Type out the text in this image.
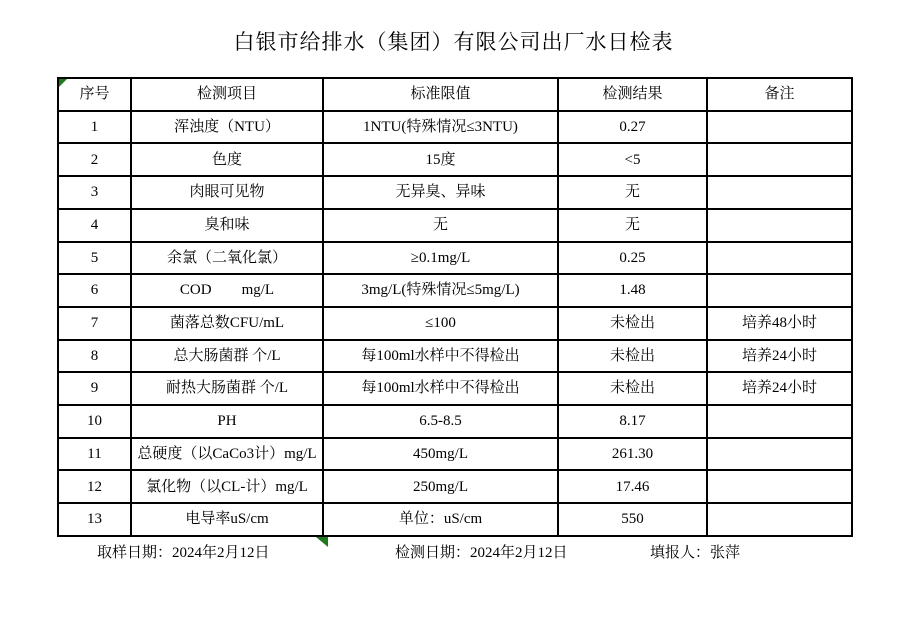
白银市给排水（集团）有限公司出厂水日检表
序号	检测项目	标准限值	检测结果	备注
1	浑浊度（NTU）	1NTU(特殊情况≤3NTU)	0.27	
2	色度	15度	<5	
3	肉眼可见物	无异臭、异味	无	
4	臭和味	无	无	
5	余氯（二氧化氯）	≥0.1mg/L	0.25	
6	COD        mg/L	3mg/L(特殊情况≤5mg/L)	1.48	
7	菌落总数CFU/mL	≤100	未检出	培养48小时
8	总大肠菌群 个/L	每100ml水样中不得检出	未检出	培养24小时
9	耐热大肠菌群 个/L	每100ml水样中不得检出	未检出	培养24小时
10	PH	6.5-8.5	8.17	
11	总硬度（以CaCo3计）mg/L	450mg/L	261.30	
12	氯化物（以CL-计）mg/L	250mg/L	17.46	
13	电导率uS/cm	单位：uS/cm	550	
取样日期：2024年2月12日	检测日期：2024年2月12日	填报人：张萍
